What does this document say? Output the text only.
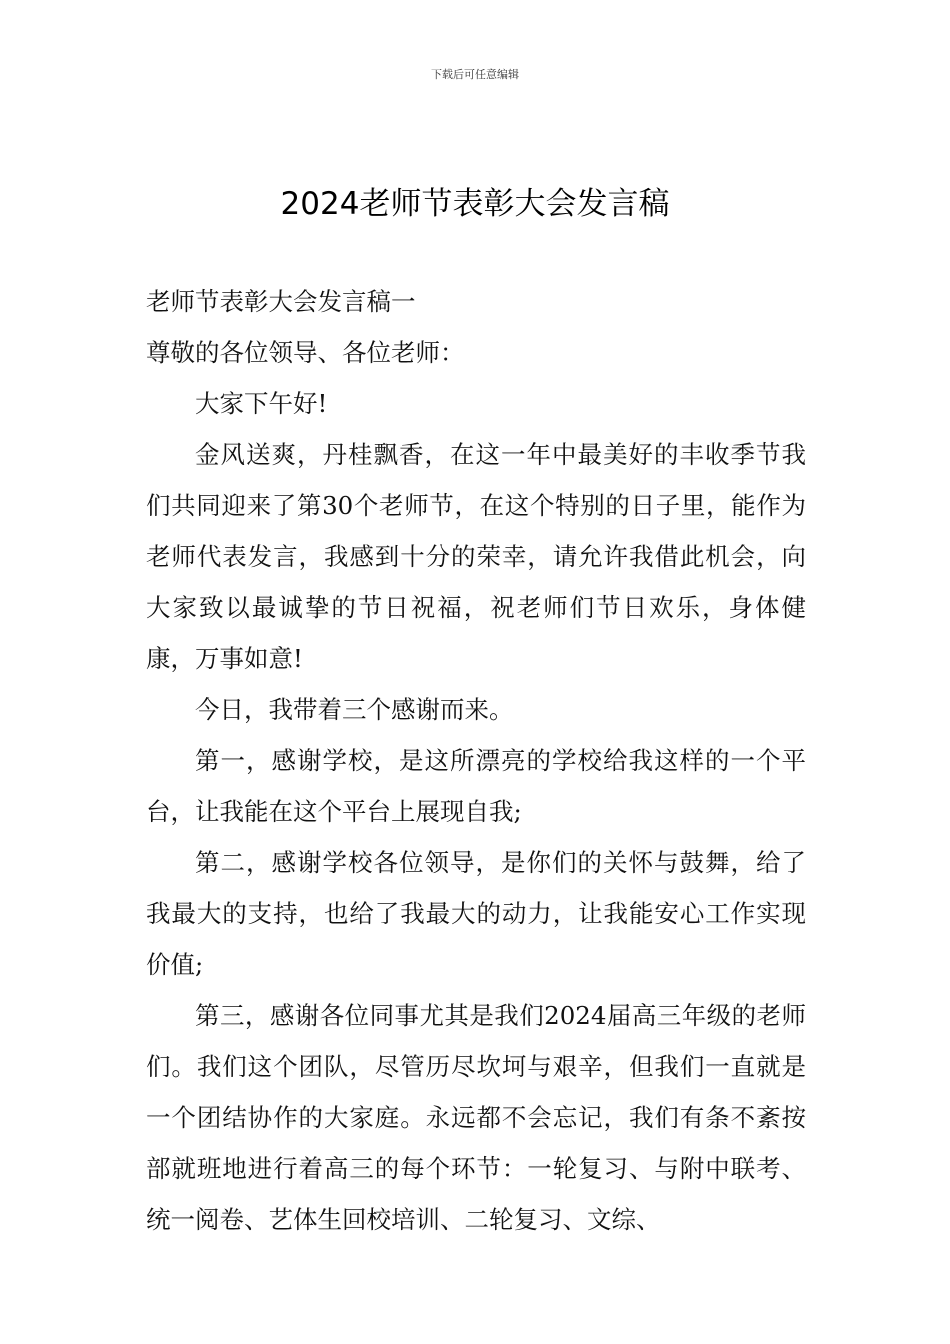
下载后可任意编辑
2024老师节表彰大会发言稿

老师节表彰大会发言稿一

尊敬的各位领导、各位老师：

大家下午好!

金风送爽，丹桂飘香，在这一年中最美好的丰收季节我们共同迎来了第30个老师节，在这个特别的日子里，能作为老师代表发言，我感到十分的荣幸，请允许我借此机会，向大家致以最诚挚的节日祝福，祝老师们节日欢乐，身体健康，万事如意!

今日，我带着三个感谢而来。

第一，感谢学校，是这所漂亮的学校给我这样的一个平台，让我能在这个平台上展现自我;

第二，感谢学校各位领导，是你们的关怀与鼓舞，给了我最大的支持，也给了我最大的动力，让我能安心工作实现价值;

第三，感谢各位同事尤其是我们2024届高三年级的老师们。我们这个团队，尽管历尽坎坷与艰辛，但我们一直就是一个团结协作的大家庭。永远都不会忘记，我们有条不紊按部就班地进行着高三的每个环节：一轮复习、与附中联考、统一阅卷、艺体生回校培训、二轮复习、文综、
